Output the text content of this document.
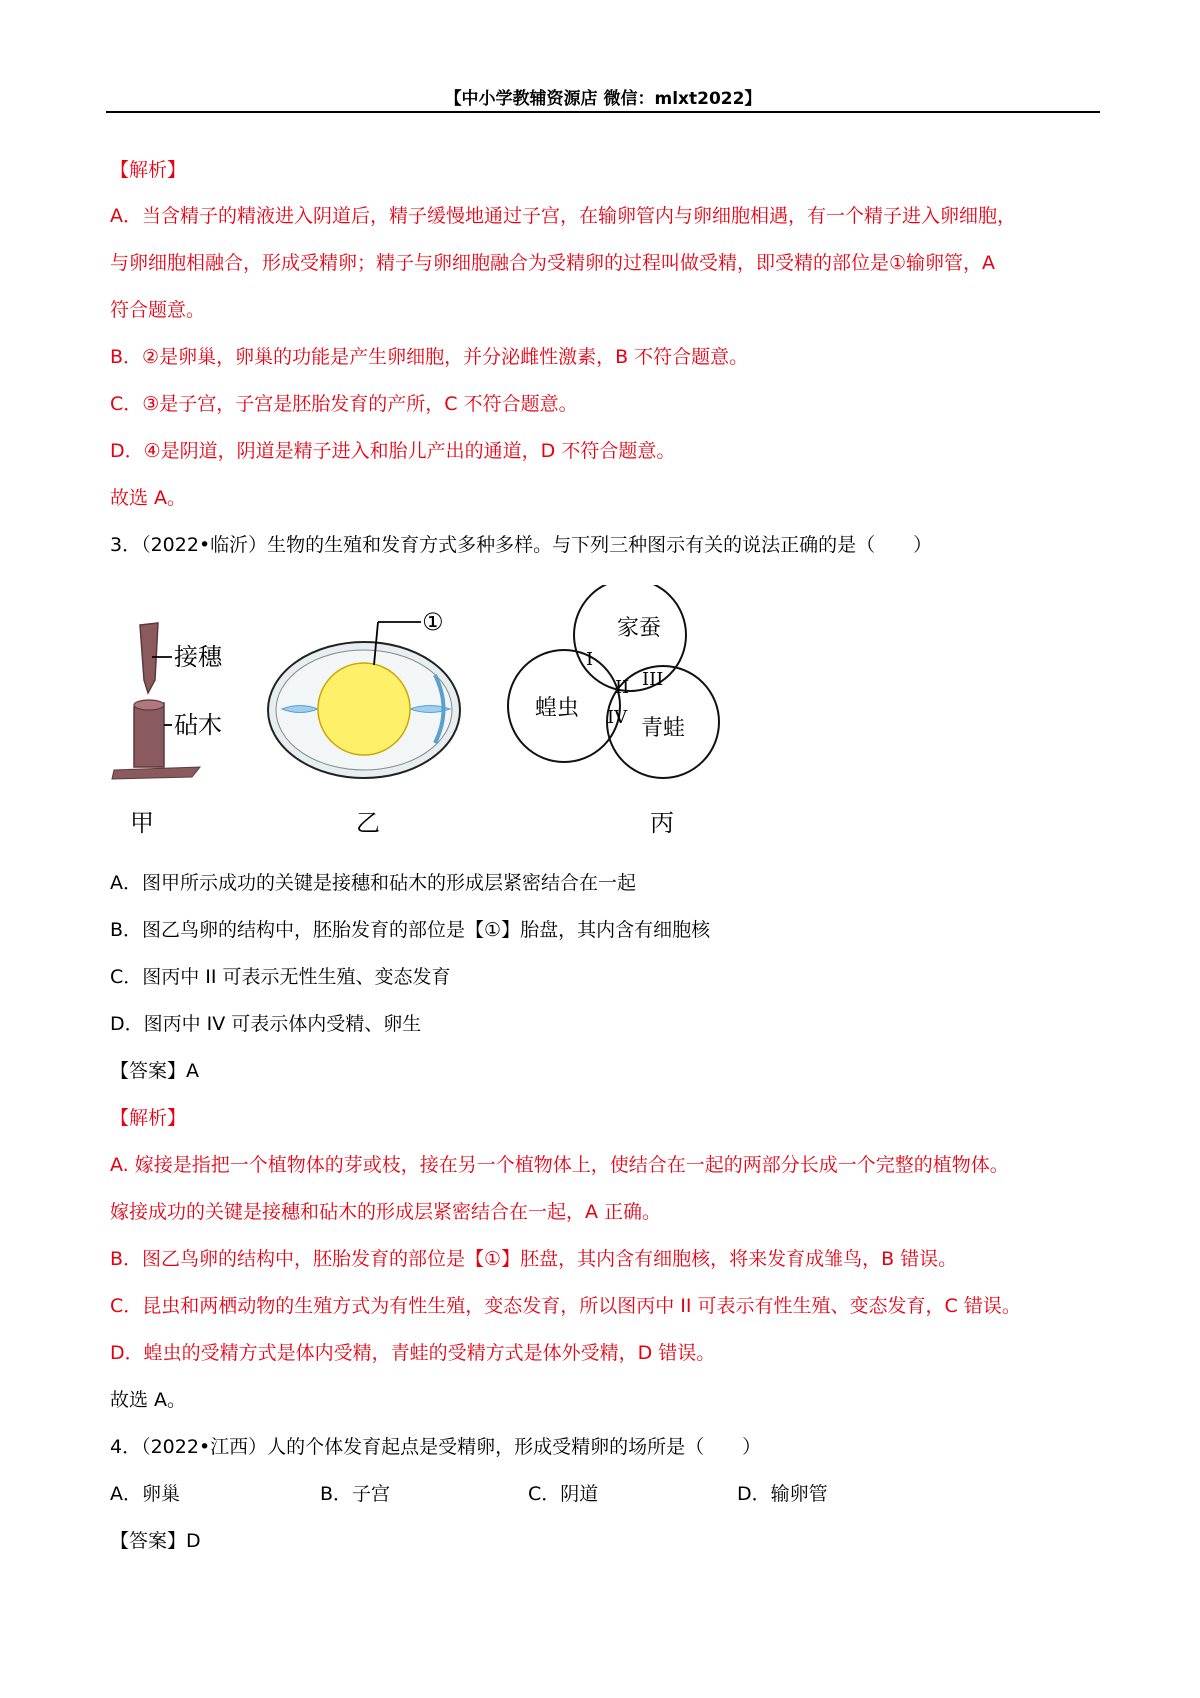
【中小学教辅资源店 微信：mlxt2022】
【解析】
A．当含精子的精液进入阴道后，精子缓慢地通过子宫，在输卵管内与卵细胞相遇，有一个精子进入卵细胞，
与卵细胞相融合，形成受精卵；精子与卵细胞融合为受精卵的过程叫做受精，即受精的部位是①输卵管，A
符合题意。
B．②是卵巢，卵巢的功能是产生卵细胞，并分泌雌性激素，B 不符合题意。
C．③是子宫，子宫是胚胎发育的产所，C 不符合题意。
D．④是阴道，阴道是精子进入和胎儿产出的通道，D 不符合题意。
故选 A。
3．（2022•临沂）生物的生殖和发育方式多种多样。与下列三种图示有关的说法正确的是（　　）
接穗
砧木
①	家蚕
蝗虫
青蛙
I
II III
IV
甲	乙	丙
A．图甲所示成功的关键是接穗和砧木的形成层紧密结合在一起
B．图乙鸟卵的结构中，胚胎发育的部位是【①】胎盘，其内含有细胞核
C．图丙中 II 可表示无性生殖、变态发育
D．图丙中 IV 可表示体内受精、卵生
【答案】A
【解析】
A. 嫁接是指把一个植物体的芽或枝，接在另一个植物体上，使结合在一起的两部分长成一个完整的植物体。
嫁接成功的关键是接穗和砧木的形成层紧密结合在一起，A 正确。
B．图乙鸟卵的结构中，胚胎发育的部位是【①】胚盘，其内含有细胞核，将来发育成雏鸟，B 错误。
C．昆虫和两栖动物的生殖方式为有性生殖，变态发育，所以图丙中 II 可表示有性生殖、变态发育，C 错误。
D．蝗虫的受精方式是体内受精，青蛙的受精方式是体外受精，D 错误。
故选 A。
4．（2022•江西）人的个体发育起点是受精卵，形成受精卵的场所是（　　）
A．卵巢	B．子宫	C．阴道	D．输卵管
【答案】D
